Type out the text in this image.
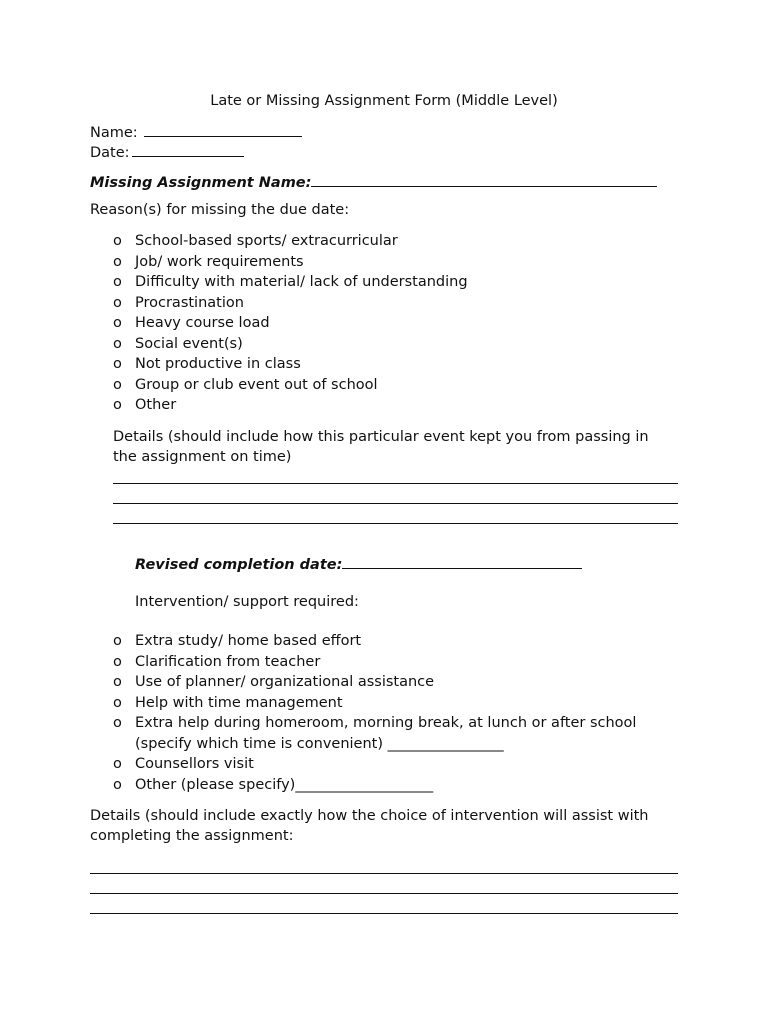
Late or Missing Assignment Form (Middle Level)
Name:
Date:
Missing Assignment Name:
Reason(s) for missing the due date:
o School-based sports/ extracurricular
o Job/ work requirements
o Difficulty with material/ lack of understanding
o Procrastination
o Heavy course load
o Social event(s)
o Not productive in class
o Group or club event out of school
o Other
Details (should include how this particular event kept you from passing in
the assignment on time)
Revised completion date:
Intervention/ support required:
o Extra study/ home based effort
o Clarification from teacher
o Use of planner/ organizational assistance
o Help with time management
o Extra help during homeroom, morning break, at lunch or after school
(specify which time is convenient) ________________
o Counsellors visit
o Other (please specify)___________________
Details (should include exactly how the choice of intervention will assist with
completing the assignment:
